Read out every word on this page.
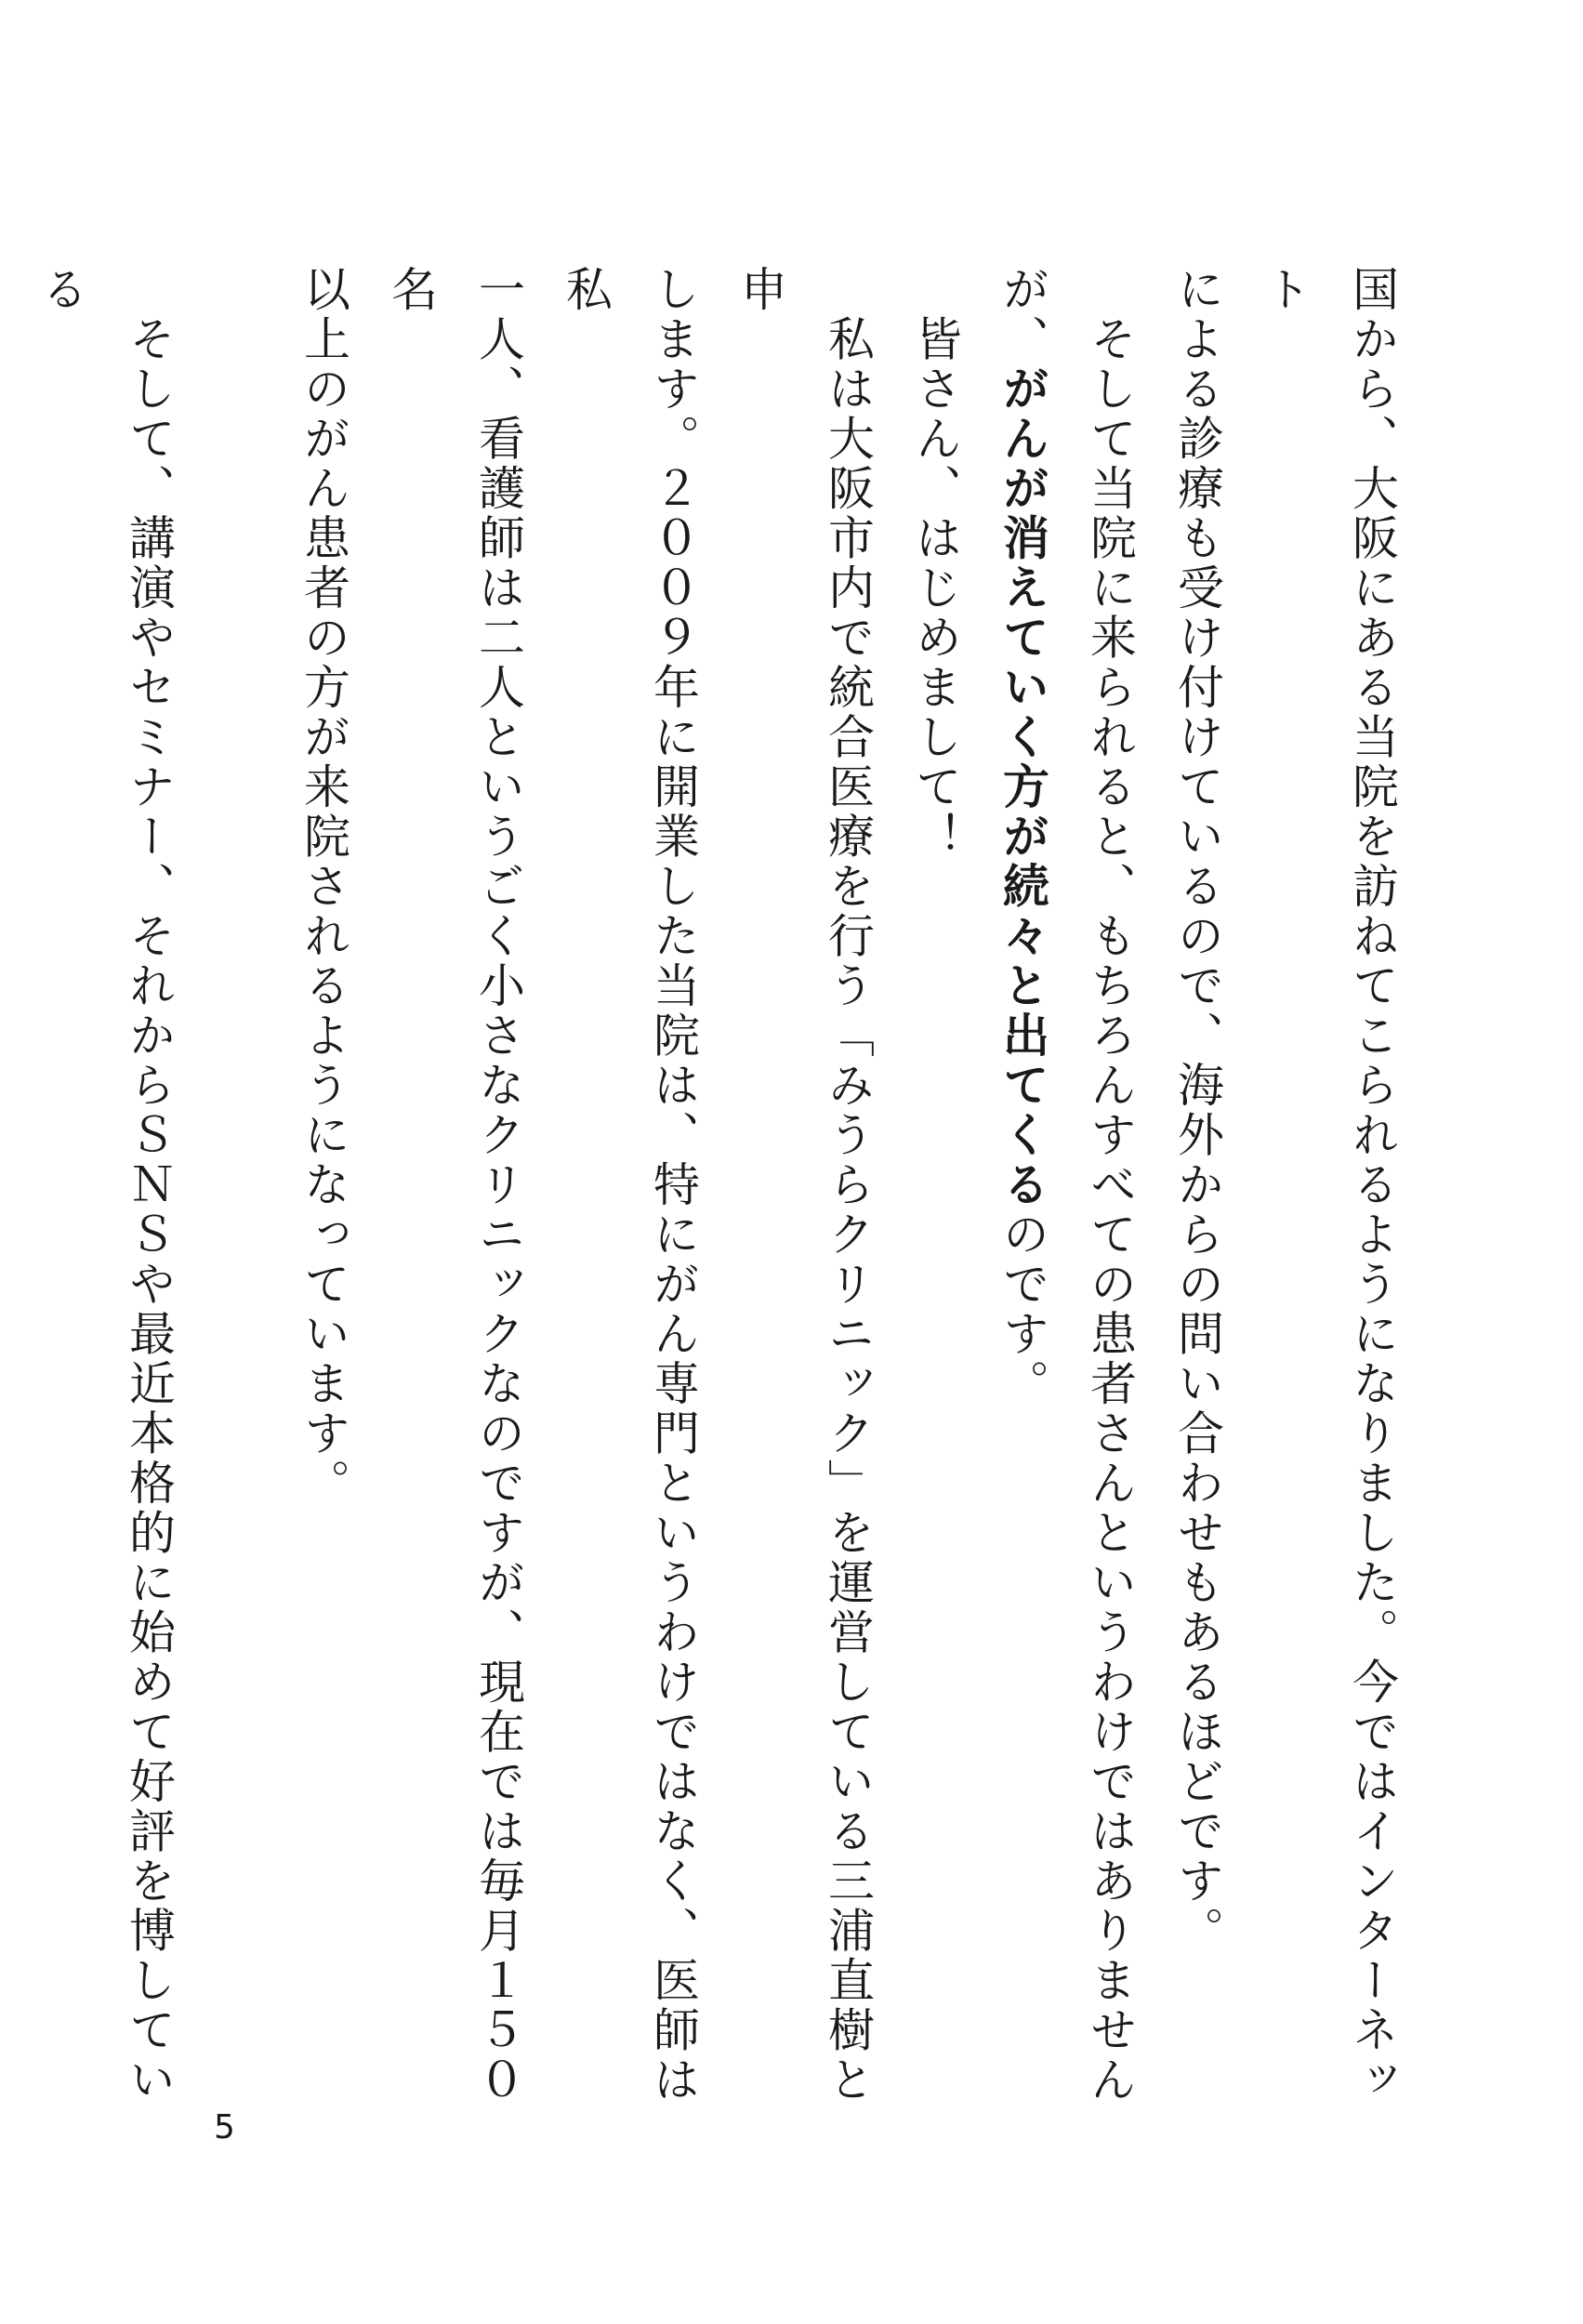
国から、大阪にある当院を訪ねてこられるようになりました。今ではインターネット
による診療も受け付けているので、海外からの問い合わせもあるほどです。
　そして当院に来られると、もちろんすべての患者さんというわけではありません
が、がんが消えていく方が続々と出てくるのです。

　皆さん、はじめまして！
　私は大阪市内で統合医療を行う「みうらクリニック」を運営している三浦直樹と申
します。２００９年に開業した当院は、特にがん専門というわけではなく、医師は私
一人、看護師は二人というごく小さなクリニックなのですが、現在では毎月１５０名
以上のがん患者の方が来院されるようになっています。

　そして、講演やセミナー、それからＳＮＳや最近本格的に始めて好評を博している

5
